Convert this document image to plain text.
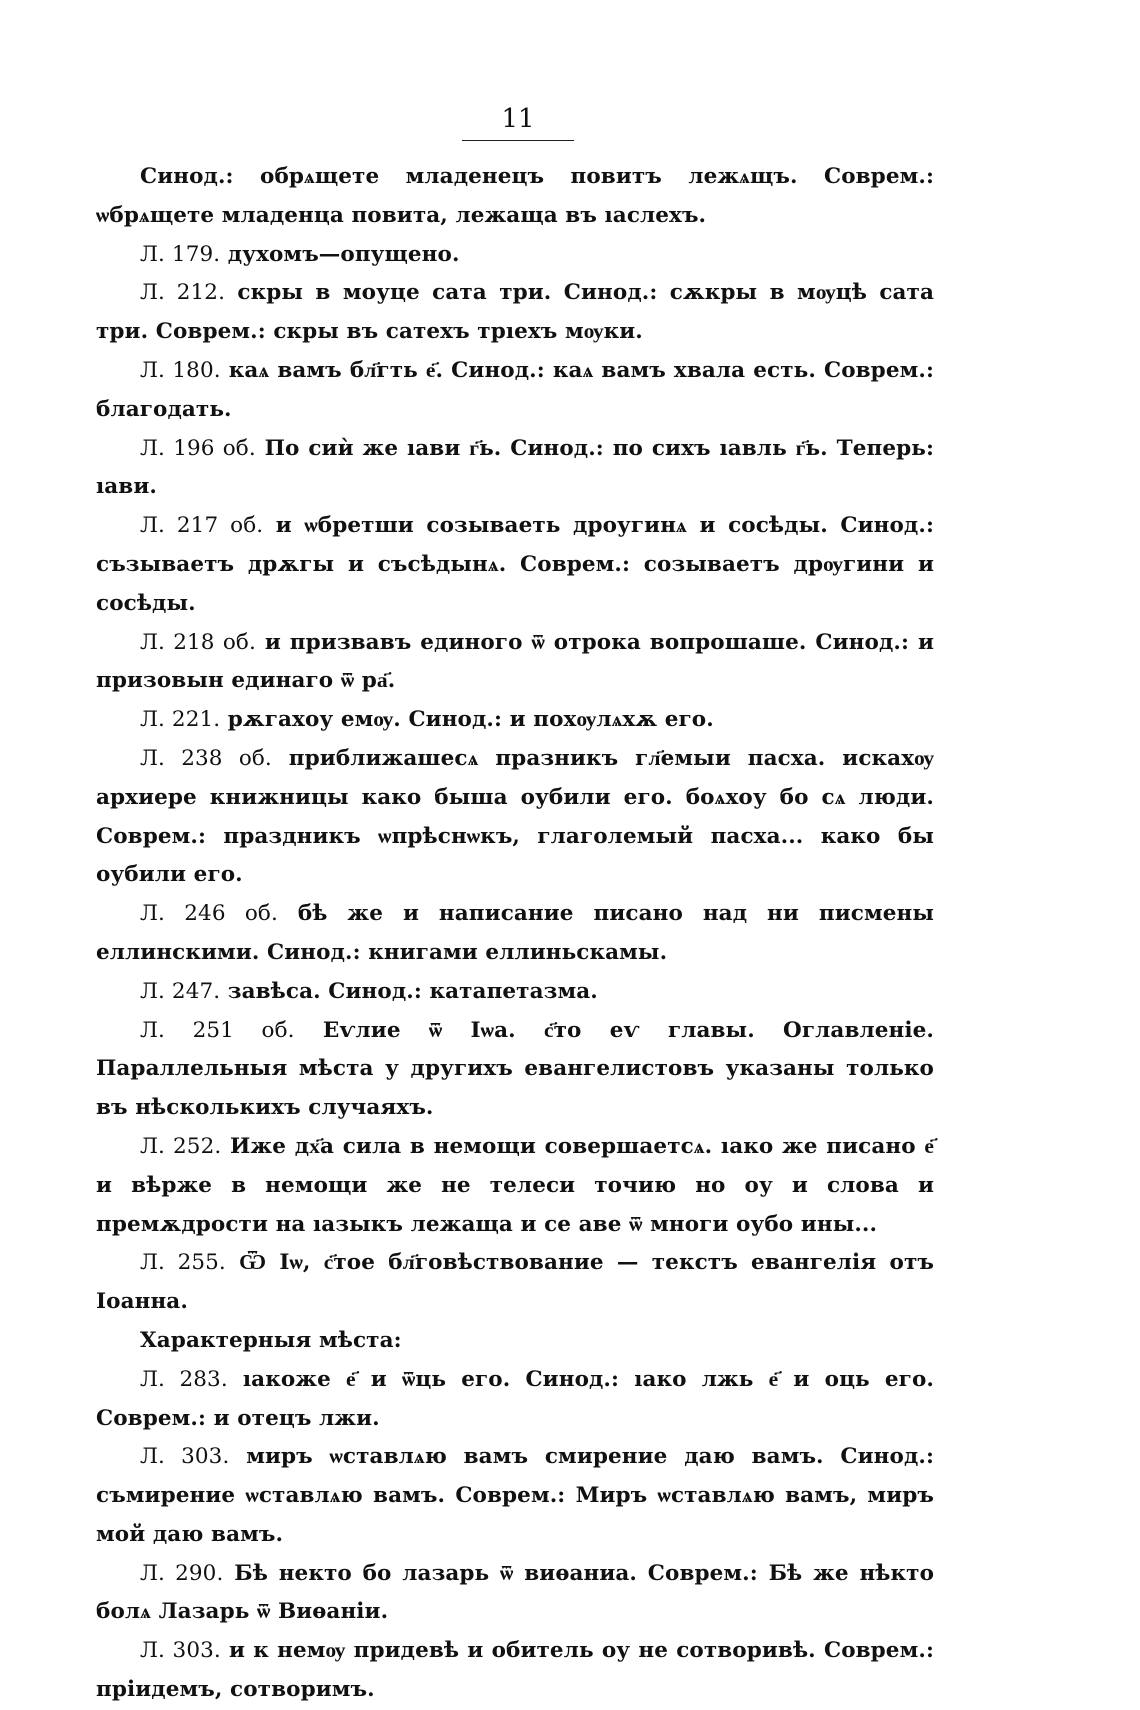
11

Синод.: обрѧщете младенецъ повитъ лежѧщъ. Соврем.: ѡбрѧщете младенца повита, лежаща въ ıаслехъ.

Л. 179. духомъ—опущено.

Л. 212. скры в моуце сата три. Синод.: сѫкры в мѹцѣ сата три. Соврем.: скры въ сатехъ трıехъ мѹки.

Л. 180. каѧ вамъ бл҃гть е҃. Синод.: каѧ вамъ хвала есть. Соврем.: благодать.

Л. 196 об. По сиѝ же ıави г҃ь. Синод.: по сихъ ıавль г҃ь. Теперь: ıави.

Л. 217 об. и ѡбретши созываеть дроугинѧ и сосѣды. Синод.: съзываетъ дрѫгы и съсѣдынѧ. Соврем.: созываетъ дрѹгини и сосѣды.

Л. 218 об. и призвавъ единого ѿ отрока вопрошаше. Синод.: и призовын единаго ѿ ра҃.

Л. 221. рѫгахоу емѹ. Синод.: и похѹлѧхѫ его.

Л. 238 об. приближашесѧ празникъ гл҃емыи пасха. искахѹ архиере книжницы како быша оубили его. боѧхоу бо сѧ люди. Соврем.: праздникъ ѡпрѣснѡкъ, глаголемый пасха... како бы оубили его.

Л. 246 об. бѣ же и написание писано над ни писмены еллинскими. Синод.: книгами еллиньскамы.

Л. 247. завѣса. Синод.: катапетазма.

Л. 251 об. Еѵлие ѿ Іѡа. с҃то еѵ главы. Оглавленіе. Параллельныя мѣста у другихъ евангелистовъ указаны только въ нѣсколькихъ случаяхъ.

Л. 252. Иже дх҃а сила в немощи совершаетсѧ. ıако же писано е҃ и вѣрже в немощи же не телеси точию но оу и слова и премѫдрости на ıазыкъ лежаща и се аве ѿ многи оубо ины...

Л. 255. Ѿ Іѡ, с҃тое бл҃говѣствование — текстъ евангелія отъ Іоанна.

Характерныя мѣста:

Л. 283. ıакоже е҃ и ѿць его. Синод.: ıако лжь е҃ и оць его. Соврем.: и отецъ лжи.

Л. 303. миръ ѡставлѧю вамъ смирение даю вамъ. Синод.: съмирение ѡставлѧю вамъ. Соврем.: Миръ ѡставлѧю вамъ, миръ мой даю вамъ.

Л. 290. Бѣ некто бо лазарь ѿ виѳаниа. Соврем.: Бѣ же нѣкто болѧ Лазарь ѿ Виѳаніи.

Л. 303. и к немѹ придевѣ и обитель оу не сотворивѣ. Соврем.: пріидемъ, сотворимъ.
